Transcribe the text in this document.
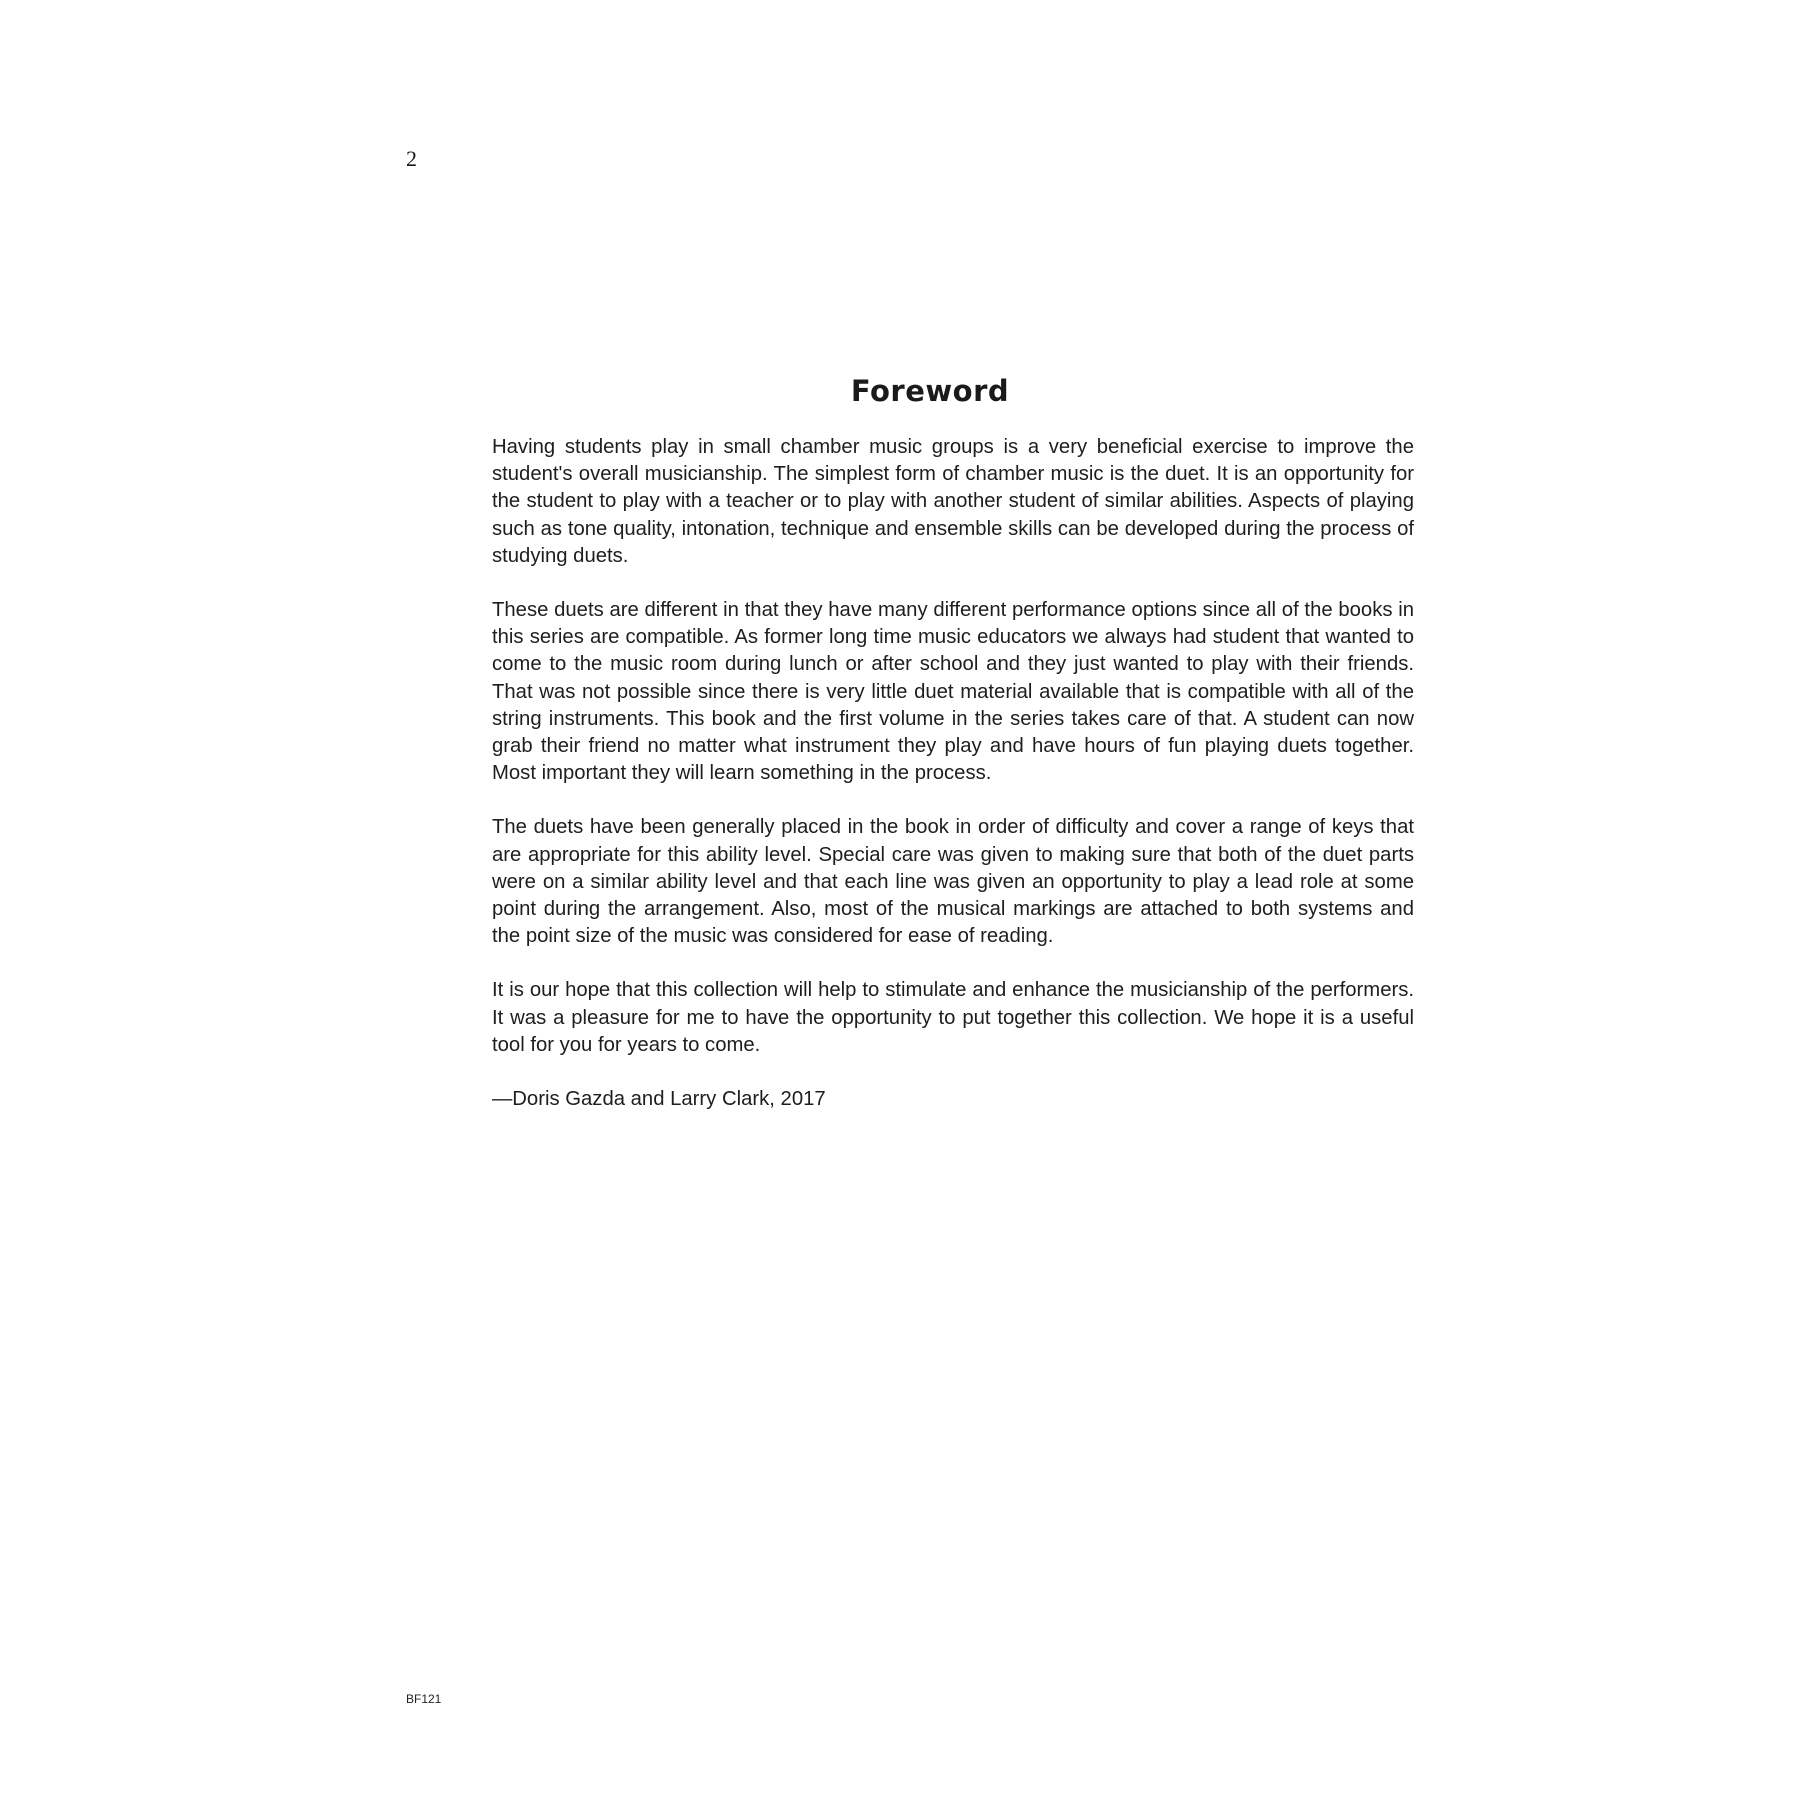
2
Foreword

Having students play in small chamber music groups is a very beneficial exercise to improve the student's overall musicianship. The simplest form of chamber music is the duet. It is an opportunity for the student to play with a teacher or to play with another student of similar abilities. Aspects of playing such as tone quality, intonation, technique and ensemble skills can be developed during the process of studying duets.

These duets are different in that they have many different performance options since all of the books in this series are compatible. As former long time music educators we always had student that wanted to come to the music room during lunch or after school and they just wanted to play with their friends. That was not possible since there is very little duet material available that is compatible with all of the string instruments. This book and the first volume in the series takes care of that. A student can now grab their friend no matter what instrument they play and have hours of fun playing duets together. Most important they will learn something in the process.

The duets have been generally placed in the book in order of difficulty and cover a range of keys that are appropriate for this ability level. Special care was given to making sure that both of the duet parts were on a similar ability level and that each line was given an opportunity to play a lead role at some point during the arrangement. Also, most of the musical markings are attached to both systems and the point size of the music was considered for ease of reading.

It is our hope that this collection will help to stimulate and enhance the musicianship of the performers. It was a pleasure for me to have the opportunity to put together this collection. We hope it is a useful tool for you for years to come.

—Doris Gazda and Larry Clark, 2017

BF121
